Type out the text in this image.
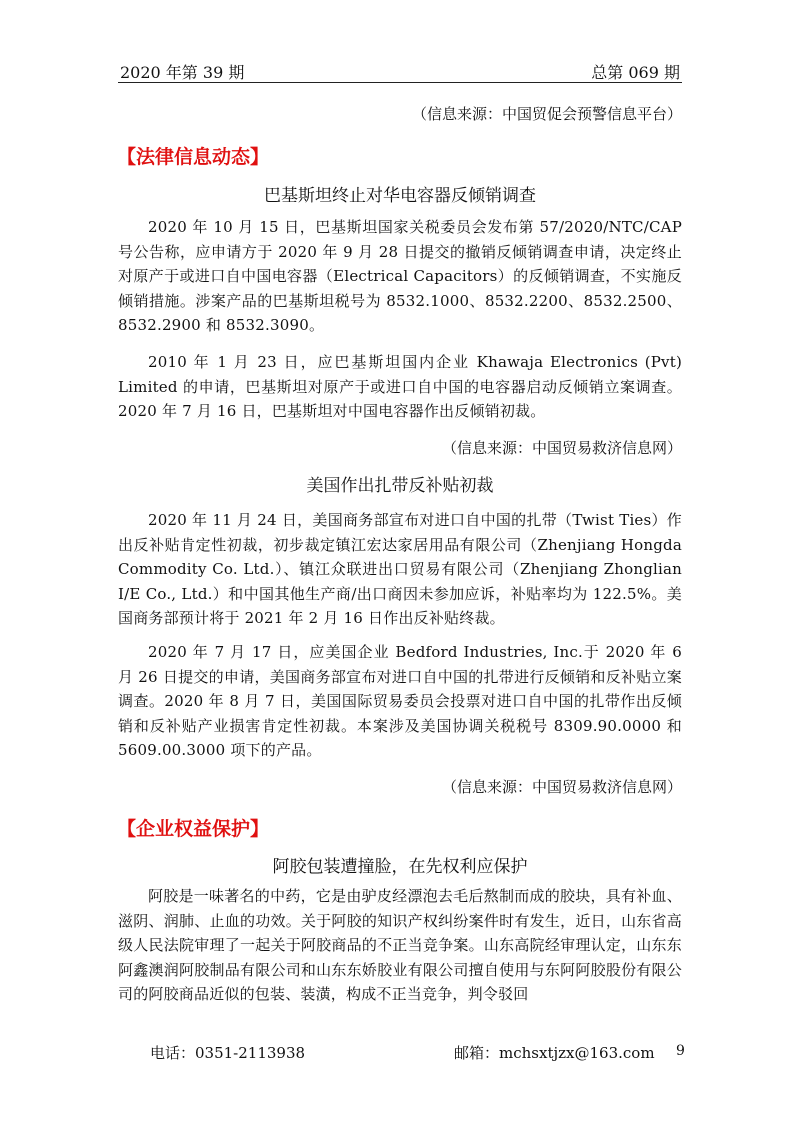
2020 年第 39 期	总第 069 期
（信息来源：中国贸促会预警信息平台）
【法律信息动态】
巴基斯坦终止对华电容器反倾销调查
2020 年 10 月 15 日，巴基斯坦国家关税委员会发布第 57/2020/NTC/CAP 号公告称，应申请方于 2020 年 9 月 28 日提交的撤销反倾销调查申请，决定终止对原产于或进口自中国电容器（Electrical Capacitors）的反倾销调查，不实施反倾销措施。涉案产品的巴基斯坦税号为 8532.1000、8532.2200、8532.2500、8532.2900 和 8532.3090。
2010 年 1 月 23 日，应巴基斯坦国内企业 Khawaja Electronics (Pvt) Limited 的申请，巴基斯坦对原产于或进口自中国的电容器启动反倾销立案调查。2020 年 7 月 16 日，巴基斯坦对中国电容器作出反倾销初裁。
（信息来源：中国贸易救济信息网）
美国作出扎带反补贴初裁
2020 年 11 月 24 日，美国商务部宣布对进口自中国的扎带（Twist Ties）作出反补贴肯定性初裁，初步裁定镇江宏达家居用品有限公司（Zhenjiang Hongda Commodity Co. Ltd.）、镇江众联进出口贸易有限公司（Zhenjiang Zhonglian I/E Co., Ltd.）和中国其他生产商/出口商因未参加应诉，补贴率均为 122.5%。美国商务部预计将于 2021 年 2 月 16 日作出反补贴终裁。
2020 年 7 月 17 日，应美国企业 Bedford Industries, Inc.于 2020 年 6 月 26 日提交的申请，美国商务部宣布对进口自中国的扎带进行反倾销和反补贴立案调查。2020 年 8 月 7 日，美国国际贸易委员会投票对进口自中国的扎带作出反倾销和反补贴产业损害肯定性初裁。本案涉及美国协调关税税号 8309.90.0000 和 5609.00.3000 项下的产品。
（信息来源：中国贸易救济信息网）
【企业权益保护】
阿胶包装遭撞脸，在先权利应保护
阿胶是一味著名的中药，它是由驴皮经漂泡去毛后熬制而成的胶块，具有补血、滋阴、润肺、止血的功效。关于阿胶的知识产权纠纷案件时有发生，近日，山东省高级人民法院审理了一起关于阿胶商品的不正当竞争案。山东高院经审理认定，山东东阿鑫澳润阿胶制品有限公司和山东东娇胶业有限公司擅自使用与东阿阿胶股份有限公司的阿胶商品近似的包装、装潢，构成不正当竞争，判令驳回
电话：0351-2113938	邮箱：mchsxtjzx@163.com 9
